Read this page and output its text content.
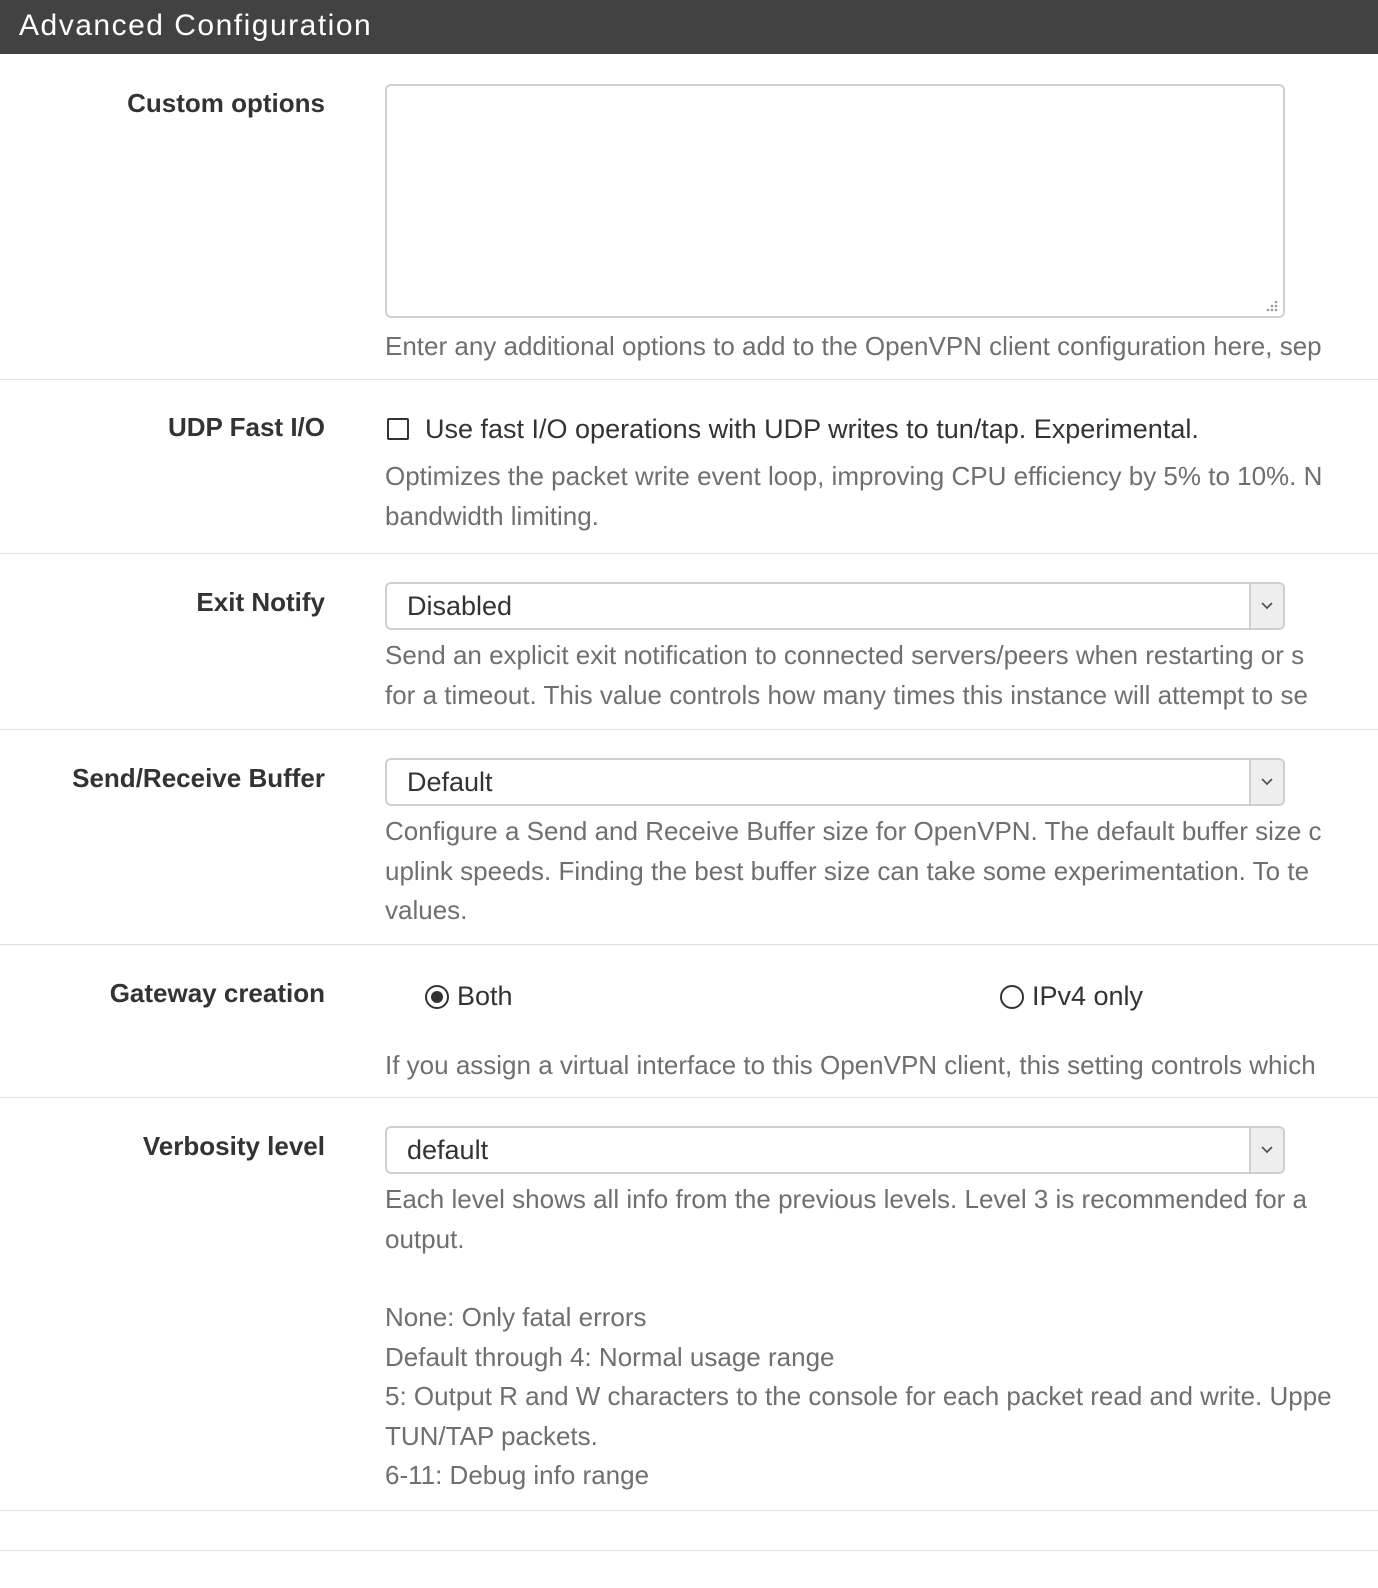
Advanced Configuration
Custom options
Enter any additional options to add to the OpenVPN client configuration here, sep
UDP Fast I/O	Use fast I/O operations with UDP writes to tun/tap. Experimental.
Optimizes the packet write event loop, improving CPU efficiency by 5% to 10%. N
bandwidth limiting.
Exit Notify	Disabled
Send an explicit exit notification to connected servers/peers when restarting or s
for a timeout. This value controls how many times this instance will attempt to se
Send/Receive Buffer	Default
Configure a Send and Receive Buffer size for OpenVPN. The default buffer size c
uplink speeds. Finding the best buffer size can take some experimentation. To te
values.
Gateway creation	Both	IPv4 only
If you assign a virtual interface to this OpenVPN client, this setting controls which
Verbosity level	default
Each level shows all info from the previous levels. Level 3 is recommended for a
output.
None: Only fatal errors
Default through 4: Normal usage range
5: Output R and W characters to the console for each packet read and write. Uppe
TUN/TAP packets.
6-11: Debug info range
